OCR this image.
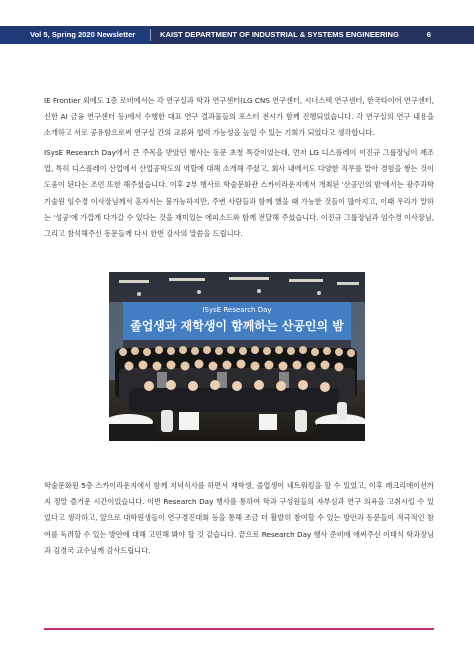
Vol 5, Spring 2020 Newsletter	KAIST DEPARTMENT OF INDUSTRIAL & SYSTEMS ENGINEERING	6

IE Frontier 외에도 1층 로비에서는 각 연구실과 학과 연구센터(LG CNS 연구센터, 시너스텍 연구센터, 한국타이어 연구센터, 신한 AI 금융 연구센터 등)에서 수행한 대표 연구 결과물들의 포스터 전시가 함께 진행되었습니다. 각 연구실의 연구 내용을 소개하고 서로 공유함으로써 연구실 간의 교류와 협력 가능성을 높일 수 있는 기회가 되었다고 생각합니다.

ISysE Research Day에서 큰 주목을 받았던 행사는 동문 초청 특강이었는데, 먼저 LG 디스플레이 이진규 그룹장님이 제조업, 특히 디스플레이 산업에서 산업공학도의 역할에 대해 소개해 주셨고, 회사 내에서도 다양한 직무를 맡아 경험을 쌓는 것이 도움이 된다는 조언 또한 해주셨습니다. 이후 2부 행사로 학술문화관 스카이라운지에서 개최된 '산공인의 밤'에서는 광주과학기술원 임수경 이사장님께서 혼자서는 불가능하지만, 주변 사람들과 함께 했을 때 가능한 것들이 많아지고, 이때 우리가 말하는 '성공'에 가깝게 다가갈 수 있다는 것을 재미있는 에피소드와 함께 전달해 주셨습니다. 이진규 그룹장님과 임수경 이사장님, 그리고 참석해주신 동문들께 다시 한번 감사의 말씀을 드립니다.

ISysE Research Day
졸업생과 재학생이 함께하는 산공인의 밤

학술문화원 5층 스카이라운지에서 함께 저녁식사를 하면서 재학생, 졸업생이 네트워킹을 할 수 있었고, 이후 레크리에이션까지 정말 즐거운 시간이었습니다. 이번 Research Day 행사를 통하여 학과 구성원들의 자부심과 연구 의욕을 고취시킬 수 있었다고 생각하고, 앞으로 대학원생들이 연구경진대회 등을 통해 조금 더 활발히 참여할 수 있는 방안과 동문들이 적극적인 참여를 독려할 수 있는 방안에 대해 고민해 봐야 할 것 같습니다. 끝으로 Research Day 행사 준비에 애써주신 이태식 학과장님과 김경국 교수님께 감사드립니다.
